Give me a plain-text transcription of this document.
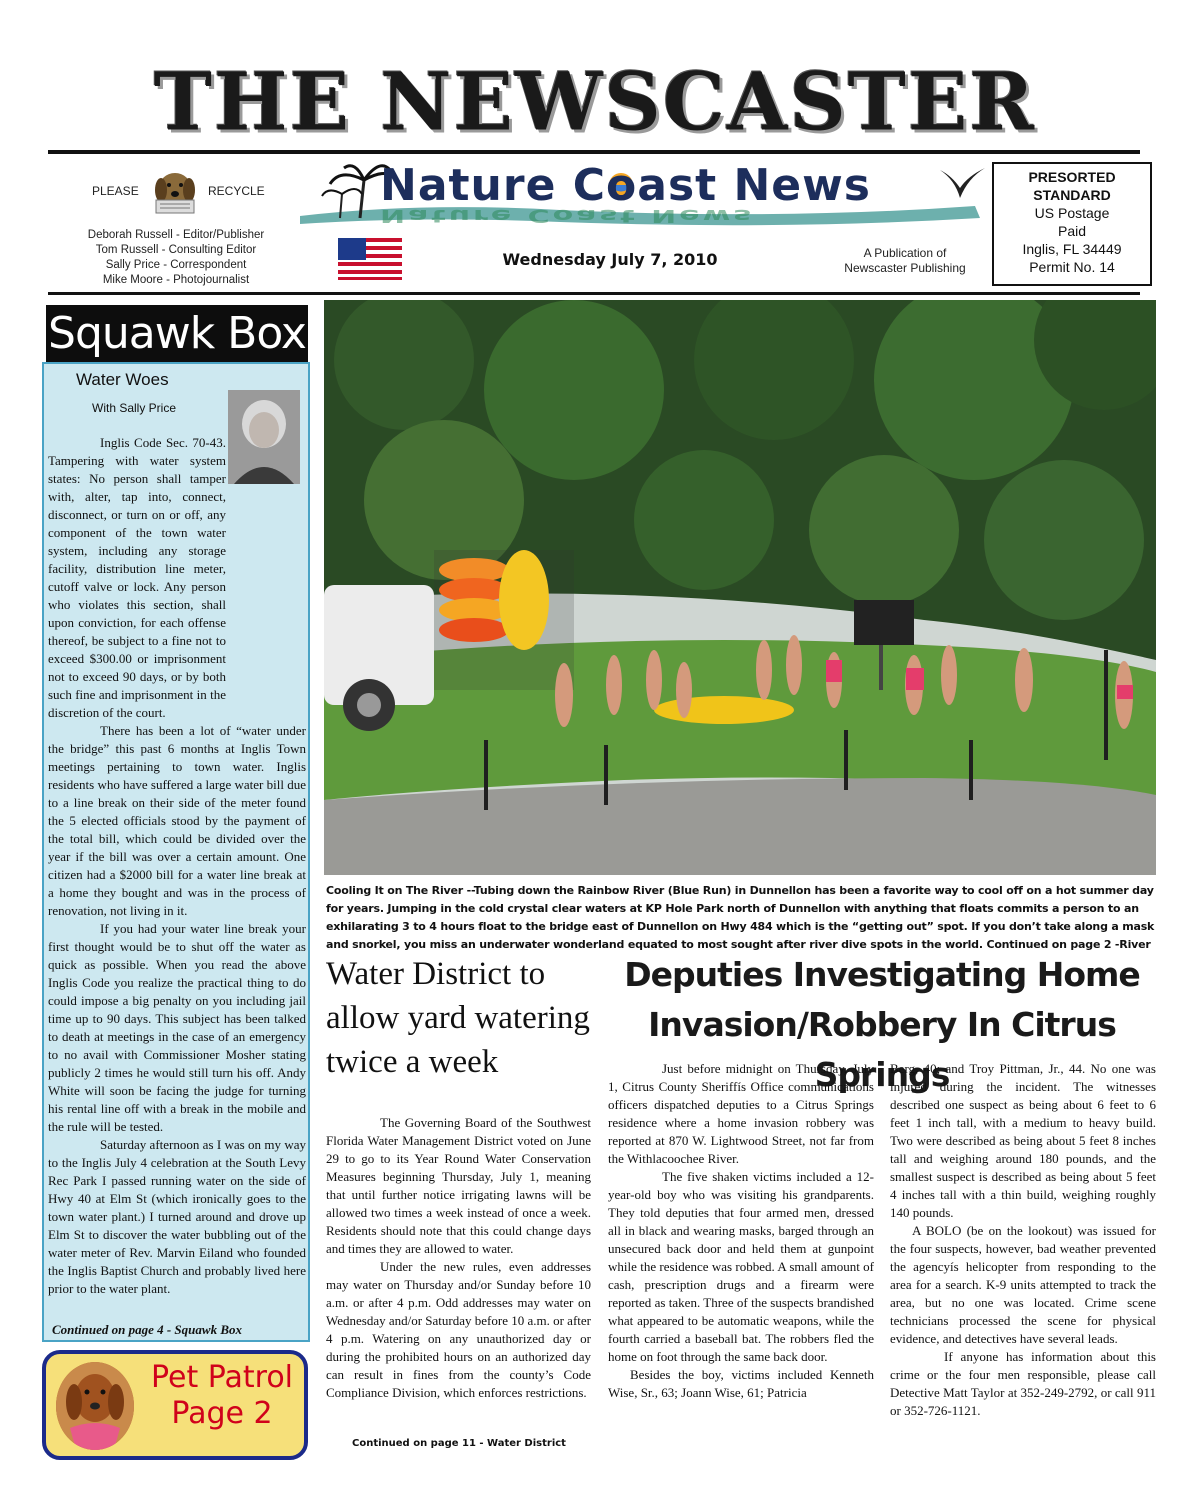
THE NEWSCASTER
PLEASE	RECYCLE
Deborah Russell - Editor/Publisher
Tom Russell - Consulting Editor
Sally Price - Correspondent
Mike Moore - Photojournalist
Nature Coast News
Nature Coast News
Wednesday July 7, 2010	A Publication of
Newscaster Publishing
PRESORTED
STANDARD
US Postage
Paid
Inglis, FL 34449
Permit No. 14
Squawk Box
Water Woes
With Sally Price
Inglis Code Sec. 70-43. Tampering with water system states: No person shall tamper with, alter, tap into, connect, disconnect, or turn on or off, any component of the town water system, including any storage facility, distribution line meter, cutoff valve or lock. Any person who violates this section, shall upon conviction, for each offense thereof, be subject to a fine not to exceed $300.00 or imprisonment not to exceed 90 days, or by both such fine and imprisonment in the discretion of the court.
There has been a lot of “water under the bridge” this past 6 months at Inglis Town meetings pertaining to town water. Inglis residents who have suffered a large water bill due to a line break on their side of the meter found the 5 elected officials stood by the payment of the total bill, which could be divided over the year if the bill was over a certain amount. One citizen had a $2000 bill for a water line break at a home they bought and was in the process of renovation, not living in it.
If you had your water line break your first thought would be to shut off the water as quick as possible. When you read the above Inglis Code you realize the practical thing to do could impose a big penalty on you including jail time up to 90 days. This subject has been talked to death at meetings in the case of an emergency to no avail with Commissioner Mosher stating publicly 2 times he would still turn his off. Andy White will soon be facing the judge for turning his rental line off with a break in the mobile and the rule will be tested.
Saturday afternoon as I was on my way to the Inglis July 4 celebration at the South Levy Rec Park I passed running water on the side of Hwy 40 at Elm St (which ironically goes to the town water plant.) I turned around and drove up Elm St to discover the water bubbling out of the water meter of Rev. Marvin Eiland who founded the Inglis Baptist Church and probably lived here prior to the water plant.
Continued on page 4 - Squawk Box
Pet Patrol
Page 2
Cooling It on The River --Tubing down the Rainbow River (Blue Run) in Dunnellon has been a favorite way to cool off on a hot summer day for years. Jumping in the cold crystal clear waters at KP Hole Park north of Dunnellon with anything that floats commits a person to an exhilarating 3 to 4 hours float to the bridge east of Dunnellon on Hwy 484 which is the “getting out” spot. If you don’t take along a mask and snorkel, you miss an underwater wonderland equated to most sought after river dive spots in the world. Continued on page 2 -River
Water District to allow yard watering twice a week
The Governing Board of the Southwest Florida Water Management District voted on June 29 to go to its Year Round Water Conservation Measures beginning Thursday, July 1, meaning that until further notice irrigating lawns will be allowed two times a week instead of once a week. Residents should note that this could change days and times they are allowed to water.
Under the new rules, even addresses may water on Thursday and/or Sunday before 10 a.m. or after 4 p.m. Odd addresses may water on Wednesday and/or Saturday before 10 a.m. or after 4 p.m. Watering on any unauthorized day or during the prohibited hours on an authorized day can result in fines from the county’s Code Compliance Division, which enforces restrictions.
Continued on page 11 - Water District
Deputies Investigating Home Invasion/Robbery In Citrus Springs
Just before midnight on Thursday, July 1, Citrus County Sheriffís Office communications officers dispatched deputies to a Citrus Springs residence where a home invasion robbery was reported at 870 W. Lightwood Street, not far from the Withlacoochee River.
The five shaken victims included a 12-year-old boy who was visiting his grandparents. They told deputies that four armed men, dressed all in black and wearing masks, barged through an unsecured back door and held them at gunpoint while the residence was robbed. A small amount of cash, prescription drugs and a firearm were reported as taken. Three of the suspects brandished what appeared to be automatic weapons, while the fourth carried a baseball bat. The robbers fled the home on foot through the same back door.
Besides the boy, victims included Kenneth Wise, Sr., 63; Joann Wise, 61; Patricia
Berg, 40; and Troy Pittman, Jr., 44. No one was injured during the incident. The witnesses described one suspect as being about 6 feet to 6 feet 1 inch tall, with a medium to heavy build. Two were described as being about 5 feet 8 inches tall and weighing around 180 pounds, and the smallest suspect is described as being about 5 feet 4 inches tall with a thin build, weighing roughly 140 pounds.
A BOLO (be on the lookout) was issued for the four suspects, however, bad weather prevented the agencyís helicopter from responding to the area for a search. K-9 units attempted to track the area, but no one was located. Crime scene technicians processed the scene for physical evidence, and detectives have several leads.
If anyone has information about this crime or the four men responsible, please call Detective Matt Taylor at 352-249-2792, or call 911 or 352-726-1121.
